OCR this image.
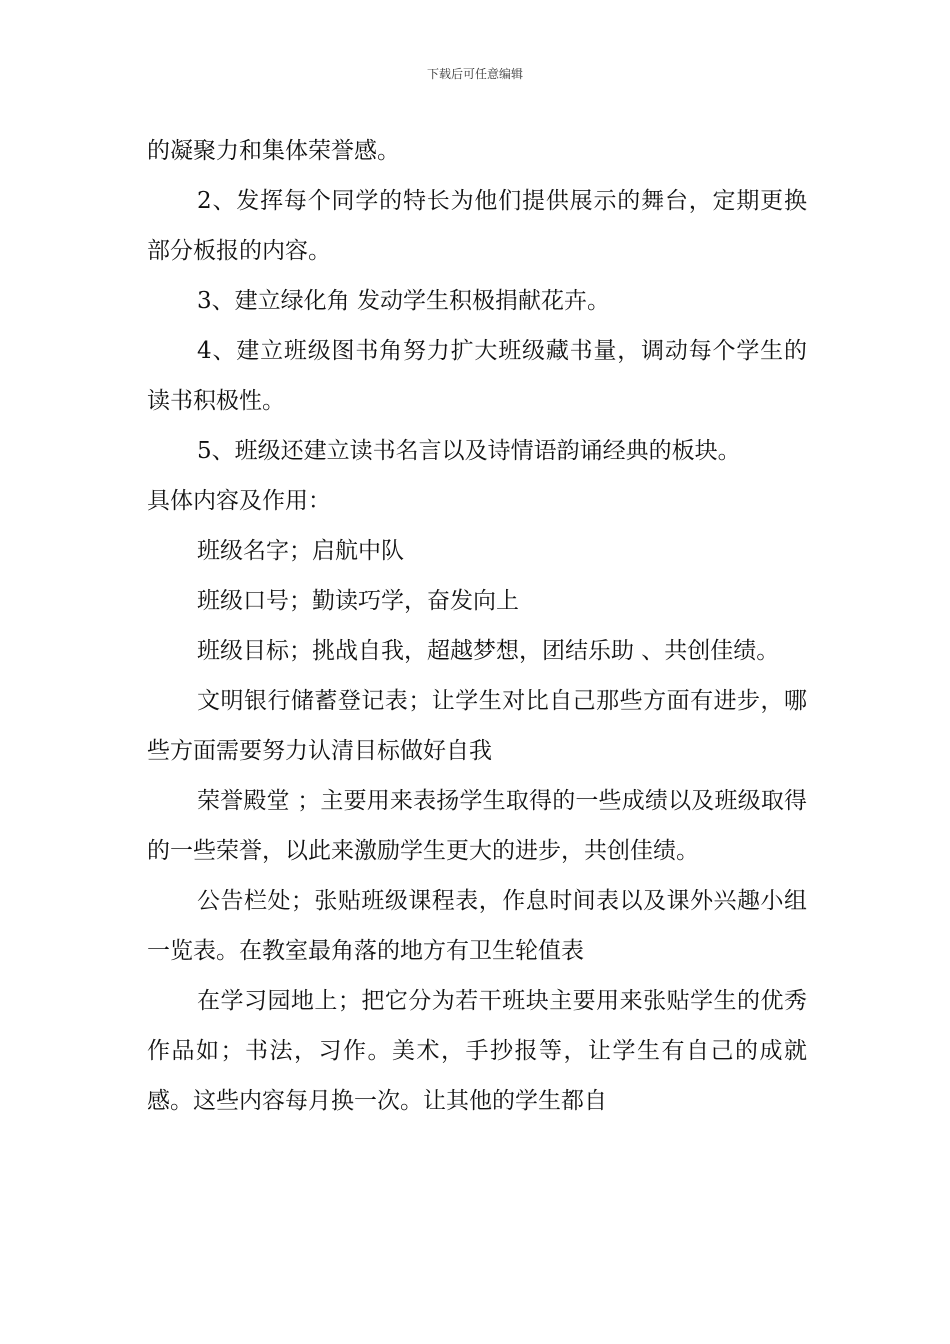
下载后可任意编辑

的凝聚力和集体荣誉感。

2、发挥每个同学的特长为他们提供展示的舞台，定期更换部分板报的内容。

3、建立绿化角 发动学生积极捐献花卉。

4、建立班级图书角努力扩大班级藏书量，调动每个学生的读书积极性。

5、班级还建立读书名言以及诗情语韵诵经典的板块。

具体内容及作用：

班级名字；启航中队

班级口号；勤读巧学，奋发向上

班级目标；挑战自我，超越梦想，团结乐助 、共创佳绩。

文明银行储蓄登记表；让学生对比自己那些方面有进步，哪些方面需要努力认清目标做好自我

荣誉殿堂 ；主要用来表扬学生取得的一些成绩以及班级取得的一些荣誉，以此来激励学生更大的进步，共创佳绩。

公告栏处；张贴班级课程表，作息时间表以及课外兴趣小组一览表。在教室最角落的地方有卫生轮值表

在学习园地上；把它分为若干班块主要用来张贴学生的优秀作品如；书法，习作。美术，手抄报等，让学生有自己的成就感。这些内容每月换一次。让其他的学生都自
